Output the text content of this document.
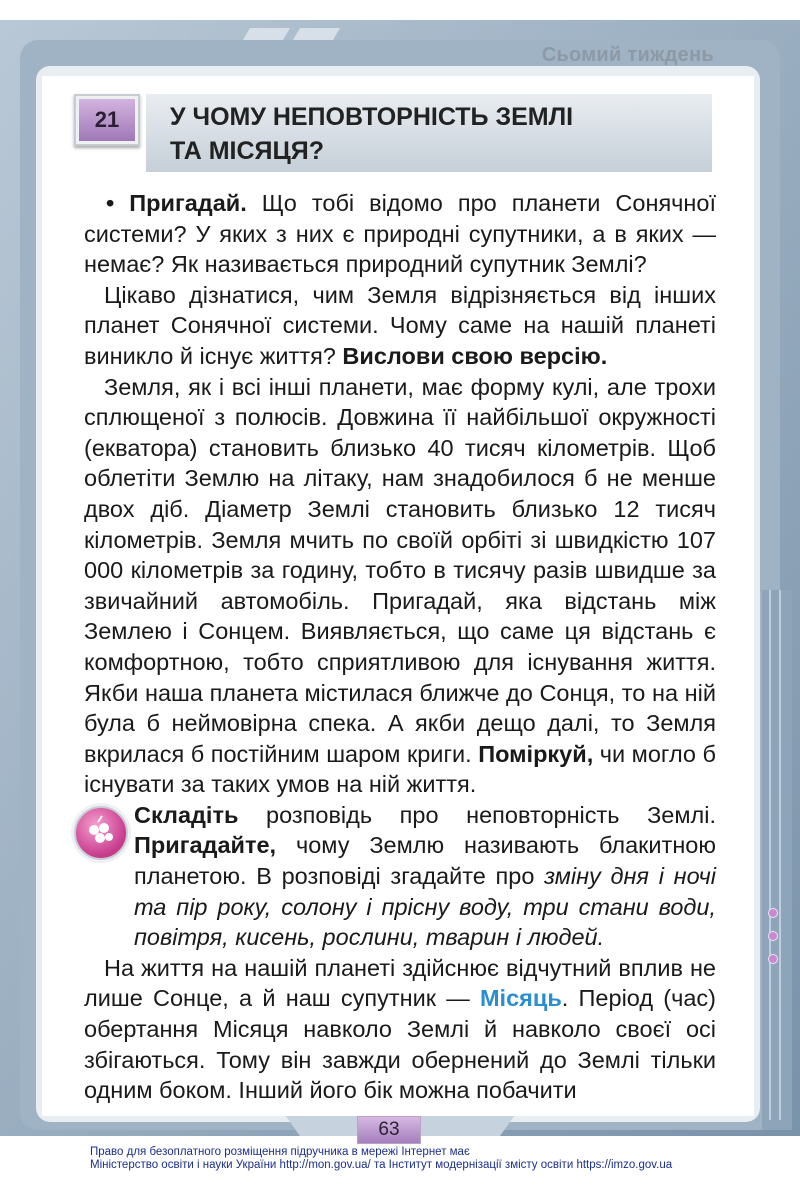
Сьомий тиждень
21	У ЧОМУ НЕПОВТОРНІСТЬ ЗЕМЛІ
ТА МІСЯЦЯ?

• Пригадай. Що тобі відомо про планети Сонячної системи? У яких з них є природні супутники, а в яких — немає? Як називається природний супутник Землі?

Цікаво дізнатися, чим Земля відрізняється від інших планет Сонячної системи. Чому саме на нашій планеті виникло й існує життя? Вислови свою версію.

Земля, як і всі інші планети, має форму кулі, але трохи сплющеної з полюсів. Довжина її найбільшої окружності (екватора) становить близько 40 тисяч кілометрів. Щоб облетіти Землю на літаку, нам знадобилося б не менше двох діб. Діаметр Землі становить близько 12 тисяч кілометрів. Земля мчить по своїй орбіті зі швидкістю 107 000 кілометрів за годину, тобто в тисячу разів швидше за звичайний автомобіль. Пригадай, яка відстань між Землею і Сонцем. Виявляється, що саме ця відстань є комфортною, тобто сприятливою для існування життя. Якби наша планета містилася ближче до Сонця, то на ній була б неймовірна спека. А якби дещо далі, то Земля вкрилася б постійним шаром криги. Поміркуй, чи могло б існувати за таких умов на ній життя.

Складіть розповідь про неповторність Землі. Пригадайте, чому Землю називають блакитною планетою. В розповіді згадайте про зміну дня і ночі та пір року, солону і прісну воду, три стани води, повітря, кисень, рослини, тварин і людей.

На життя на нашій планеті здійснює відчутний вплив не лише Сонце, а й наш супутник — Місяць. Період (час) обертання Місяця навколо Землі й навколо своєї осі збігаються. Тому він завжди обернений до Землі тільки одним боком. Інший його бік можна побачити

63
Право для безоплатного розміщення підручника в мережі Інтернет має
Міністерство освіти і науки України http://mon.gov.ua/ та Інститут модернізації змісту освіти https://imzo.gov.ua
